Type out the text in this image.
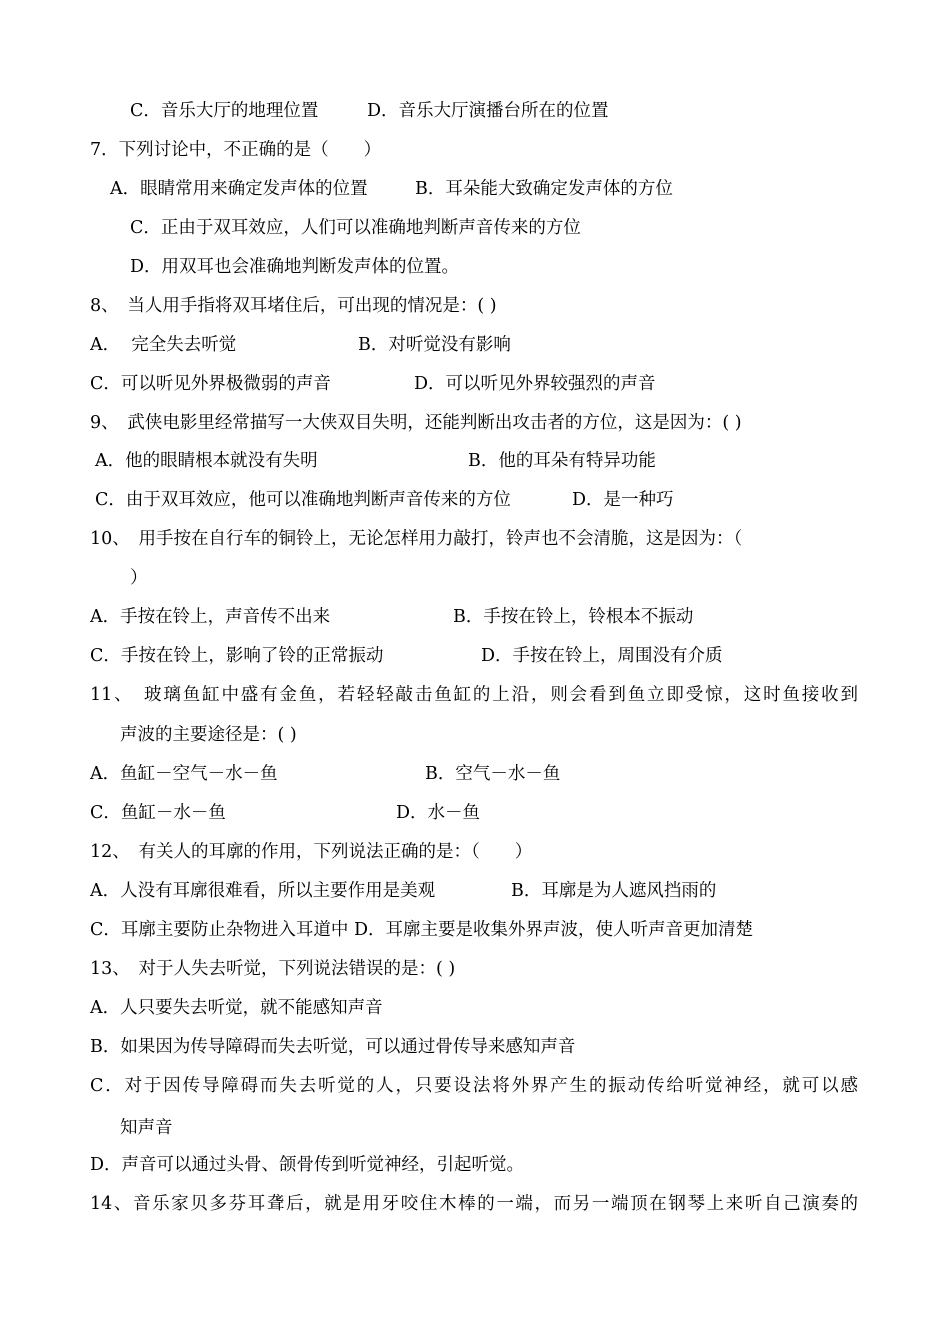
C．音乐大厅的地理位置	D．音乐大厅演播台所在的位置
7．下列讨论中，不正确的是（　　）
A．眼睛常用来确定发声体的位置	B．耳朵能大致确定发声体的方位
C．正由于双耳效应，人们可以准确地判断声音传来的方位
D．用双耳也会准确地判断发声体的位置。
8、　当人用手指将双耳堵住后，可出现的情况是：( )
A．  完全失去听觉	B．对听觉没有影响
C．可以听见外界极微弱的声音	D．可以听见外界较强烈的声音
9、　武侠电影里经常描写一大侠双目失明，还能判断出攻击者的方位，这是因为：( )
A．他的眼睛根本就没有失明	B．他的耳朵有特异功能
C．由于双耳效应，他可以准确地判断声音传来的方位	D．是一种巧
10、　用手按在自行车的铜铃上，无论怎样用力敲打，铃声也不会清脆，这是因为：（
）
A．手按在铃上，声音传不出来	B．手按在铃上，铃根本不振动
C．手按在铃上，影响了铃的正常振动	D．手按在铃上，周围没有介质
11、　玻璃鱼缸中盛有金鱼，若轻轻敲击鱼缸的上沿，则会看到鱼立即受惊，这时鱼接收到
声波的主要途径是：( )
A．鱼缸－空气－水－鱼	B．空气－水－鱼
C．鱼缸－水－鱼	D．水－鱼
12、　有关人的耳廓的作用，下列说法正确的是：（　　）
A．人没有耳廓很难看，所以主要作用是美观	B．耳廓是为人遮风挡雨的
C．耳廓主要防止杂物进入耳道中 D．耳廓主要是收集外界声波，使人听声音更加清楚
13、　对于人失去听觉，下列说法错误的是：( )
A．人只要失去听觉，就不能感知声音
B．如果因为传导障碍而失去听觉，可以通过骨传导来感知声音
C．对于因传导障碍而失去听觉的人，只要设法将外界产生的振动传给听觉神经，就可以感
知声音
D．声音可以通过头骨、颌骨传到听觉神经，引起听觉。
14、音乐家贝多芬耳聋后，就是用牙咬住木棒的一端，而另一端顶在钢琴上来听自己演奏的
